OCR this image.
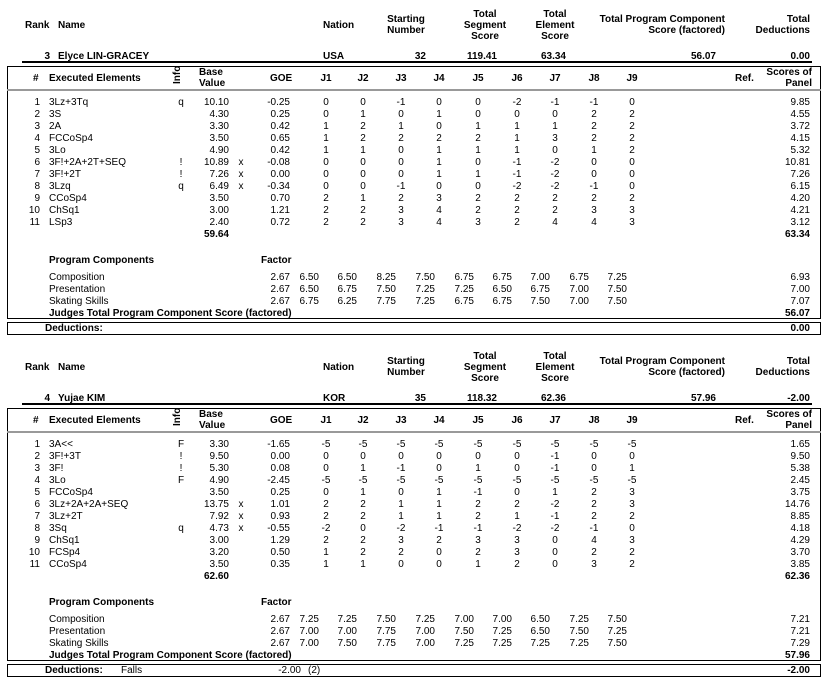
Rank Name	Nation
Starting Number
Total Segment Score
Total Element Score
Total Program Component Score (factored)
Total Deductions
3 Elyce LIN-GRACEY	USA	32	119.41	63.34	56.07	0.00
# Executed Elements	Info Base Value	GOE	J1	J2	J3	J4	J5	J6	J7	J8	J9	Ref.
Scores of Panel
1 3Lz+3Tq	q	10.10	-0.25	0	0	-1	0	0	-2	-1	-1	0	9.85
2 3S	4.30	0.25	0	1	0	1	0	0	0	2	2	4.55
3 2A	3.30	0.42	1	2	1	0	1	1	1	2	2	3.72
4 FCCoSp4	3.50	0.65	1	2	2	2	2	1	3	2	2	4.15
5 3Lo	4.90	0.42	1	1	0	1	1	1	0	1	2	5.32
6 3F!+2A+2T+SEQ	!	10.89 x	-0.08	0	0	0	1	0	-1	-2	0	0	10.81
7 3F!+2T	!	7.26 x	0.00	0	0	0	1	1	-1	-2	0	0	7.26
8 3Lzq	q	6.49 x	-0.34	0	0	-1	0	0	-2	-2	-1	0	6.15
9 CCoSp4	3.50	0.70	2	1	2	3	2	2	2	2	2	4.20
10 ChSq1	3.00	1.21	2	2	3	4	2	2	2	3	3	4.21
11 LSp3	2.40	0.72	2	2	3	4	3	2	4	4	3	3.12
59.64	63.34
Program Components	Factor
Composition	2.67 6.50	6.50	8.25	7.50	6.75	6.75	7.00	6.75	7.25	6.93
Presentation	2.67 6.50	6.75	7.50	7.25	7.25	6.50	6.75	7.00	7.50	7.00
Skating Skills	2.67 6.75	6.25	7.75	7.25	6.75	6.75	7.50	7.00	7.50	7.07
Judges Total Program Component Score (factored)	56.07
Deductions:	0.00
Rank Name	Nation
Starting Number
Total Segment Score
Total Element Score
Total Program Component Score (factored)
Total Deductions
4 Yujae KIM	KOR	35	118.32	62.36	57.96	-2.00
# Executed Elements	Info Base Value	GOE	J1	J2	J3	J4	J5	J6	J7	J8	J9	Ref.
Scores of Panel
1 3A<<	F	3.30	-1.65	-5	-5	-5	-5	-5	-5	-5	-5	-5	1.65
2 3F!+3T	!	9.50	0.00	0	0	0	0	0	0	-1	0	0	9.50
3 3F!	!	5.30	0.08	0	1	-1	0	1	0	-1	0	1	5.38
4 3Lo	F	4.90	-2.45	-5	-5	-5	-5	-5	-5	-5	-5	-5	2.45
5 FCCoSp4	3.50	0.25	0	1	0	1	-1	0	1	2	3	3.75
6 3Lz+2A+2A+SEQ	13.75 x	1.01	2	2	1	1	2	2	-2	2	3	14.76
7 3Lz+2T	7.92 x	0.93	2	2	1	1	2	1	-1	2	2	8.85
8 3Sq	q	4.73 x	-0.55	-2	0	-2	-1	-1	-2	-2	-1	0	4.18
9 ChSq1	3.00	1.29	2	2	3	2	3	3	0	4	3	4.29
10 FCSp4	3.20	0.50	1	2	2	0	2	3	0	2	2	3.70
11 CCoSp4	3.50	0.35	1	1	0	0	1	2	0	3	2	3.85
62.60	62.36
Program Components	Factor
Composition	2.67 7.25	7.25	7.50	7.25	7.00	7.00	6.50	7.25	7.50	7.21
Presentation	2.67 7.00	7.00	7.75	7.00	7.50	7.25	6.50	7.50	7.25	7.21
Skating Skills	2.67 7.00	7.50	7.75	7.00	7.25	7.25	7.25	7.25	7.50	7.29
Judges Total Program Component Score (factored)	57.96
Deductions: Falls	-2.00 (2)	-2.00
